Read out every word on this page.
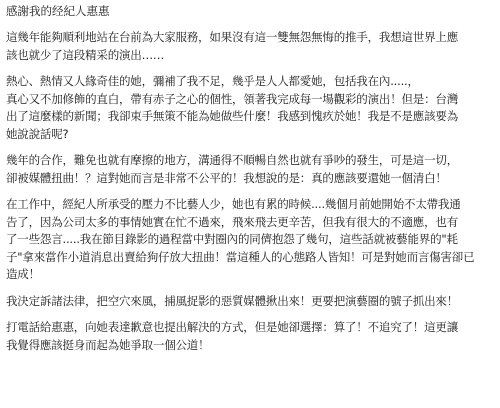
感謝我的经紀人惠惠
這幾年能夠順利地站在台前為大家服務，如果沒有這一雙無怨無悔的推手，我想這世界上應
該也就少了這段精采的演出……
熱心、熱情又人緣奇佳的她，彌補了我不足，幾乎是人人都愛她，包括我在內.....，
真心又不加修飾的直白，帶有赤子之心的個性，領著我完成每一場觀彩的演出！但是：台灣
出了這麼樣的新聞；我卻束手無策不能為她做些什麼！我感到愧疚於她！我是不是應該要為
她說說話呢?
幾年的合作，難免也就有摩擦的地方，溝通得不順暢自然也就有爭吵的發生，可是這一切，
卻被媒體扭曲！？這對她而言是非常不公平的！我想說的是：真的應該要還她一個清白！
在工作中，經紀人所承受的壓力不比藝人少，她也有累的時候....幾個月前她開始不太帶我通
告了，因為公司太多的事情她實在忙不過來，飛來飛去更辛苦，但我有很大的不適應，也有
了一些怨言.....我在節目錄影的過程當中對圈內的同儕抱怨了幾句，這些話就被藝能界的"耗
子"拿來當作小道消息出賣給狗仔放大扭曲！當這種人的心態路人皆知！可是對她而言傷害卻已
造成！
我決定訴諸法律，把空穴來風，捕風捉影的惡質媒體揪出來！更要把演藝圈的號子抓出來！
打電話給惠惠，向她表達歉意也提出解決的方式，但是她卻選擇：算了！不追究了！這更讓
我覺得應該挺身而起為她爭取一個公道！
